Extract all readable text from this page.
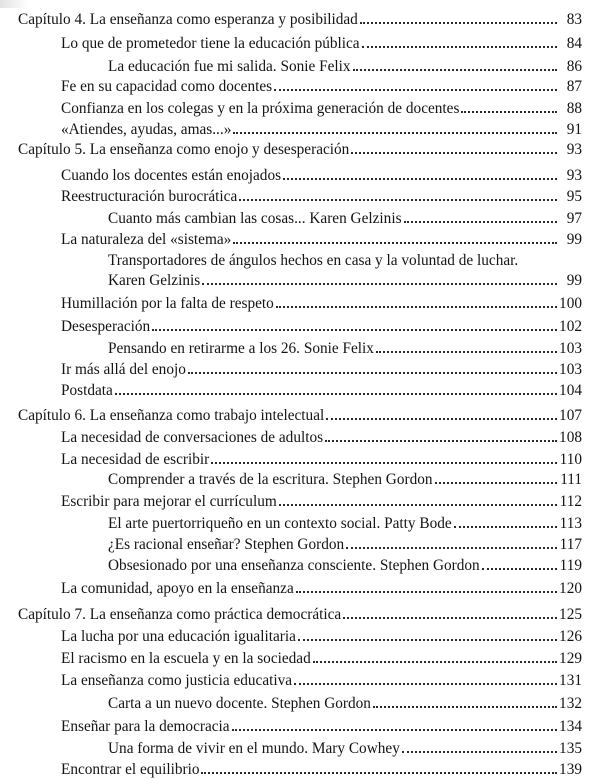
Capítulo 4. La enseñanza como esperanza y posibilidad	83
Lo que de prometedor tiene la educación pública	84
La educación fue mi salida. Sonie Felix	86
Fe en su capacidad como docentes	87
Confianza en los colegas y en la próxima generación de docentes	88
«Atiendes, ayudas, amas...»	91
Capítulo 5. La enseñanza como enojo y desesperación	93
Cuando los docentes están enojados	93
Reestructuración burocrática	95
Cuanto más cambian las cosas... Karen Gelzinis	97
La naturaleza del «sistema»	99
Transportadores de ángulos hechos en casa y la voluntad de luchar.
Karen Gelzinis	99
Humillación por la falta de respeto	100
Desesperación	102
Pensando en retirarme a los 26. Sonie Felix	103
Ir más allá del enojo	103
Postdata	104
Capítulo 6. La enseñanza como trabajo intelectual	107
La necesidad de conversaciones de adultos	108
La necesidad de escribir	110
Comprender a través de la escritura. Stephen Gordon	111
Escribir para mejorar el currículum	112
El arte puertorriqueño en un contexto social. Patty Bode	113
¿Es racional enseñar? Stephen Gordon	117
Obsesionado por una enseñanza consciente. Stephen Gordon	119
La comunidad, apoyo en la enseñanza	120
Capítulo 7. La enseñanza como práctica democrática	125
La lucha por una educación igualitaria	126
El racismo en la escuela y en la sociedad	129
La enseñanza como justicia educativa	131
Carta a un nuevo docente. Stephen Gordon	132
Enseñar para la democracia	134
Una forma de vivir en el mundo. Mary Cowhey	135
Encontrar el equilibrio	139
